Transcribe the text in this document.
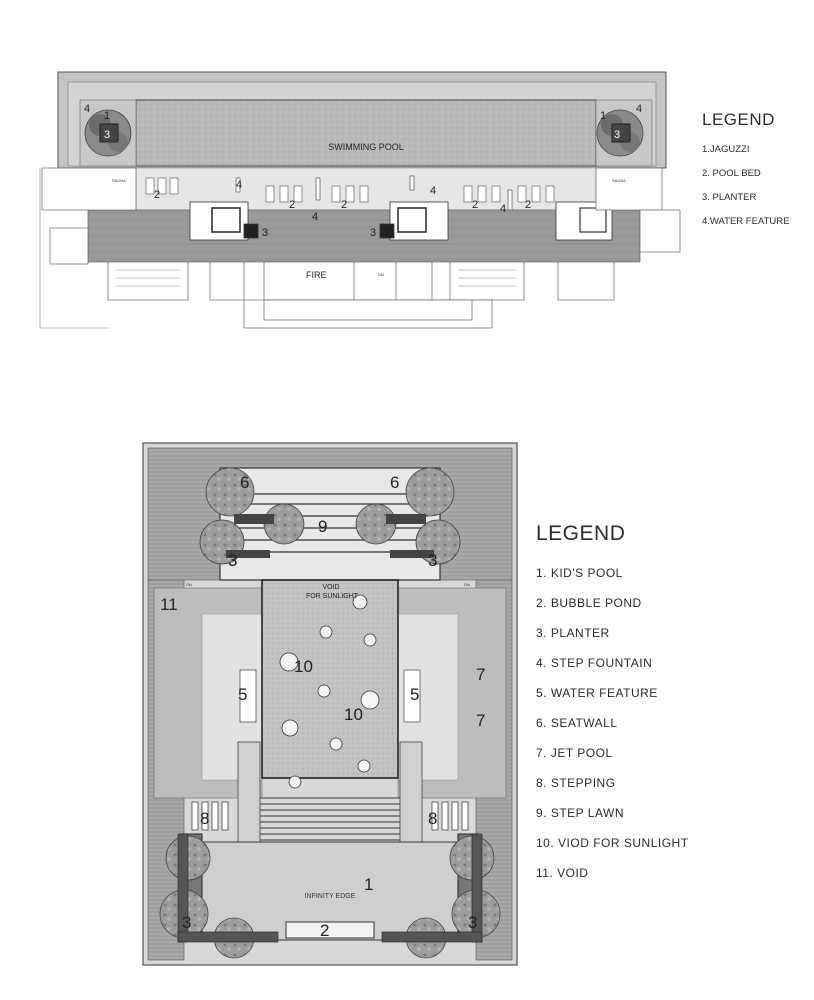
SWIMMING POOL
SAUNA	SAUNA
FIRE	DN
1	1
3	3
4	4
2
2	2	2	2
4
4
4
4
3	3
LEGEND
1.JAGUZZI
2. POOL BED
3. PLANTER
4.WATER FEATURE
VOID FOR SUNLIGHT
INFINITY EDGE
DN	DN
1
2
3	3
3	3
5	5
6	6
7
7
8	8
9
10
10
11
LEGEND
1. KID'S POOL
2. BUBBLE POND
3. PLANTER
4. STEP FOUNTAIN
5. WATER FEATURE
6. SEATWALL
7. JET POOL
8. STEPPING
9. STEP LAWN
10. VIOD FOR SUNLIGHT
11. VOID
